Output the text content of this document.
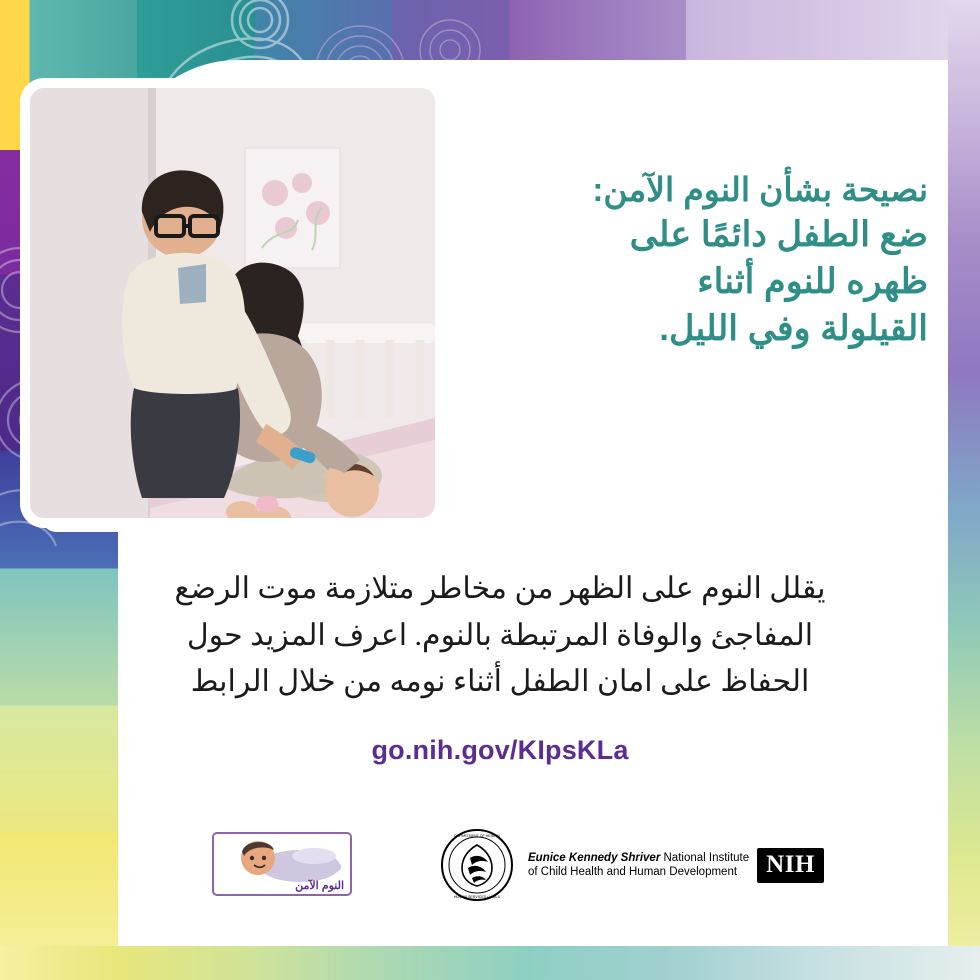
نصيحة بشأن النوم الآمن:
ضع الطفل دائمًا على
ظهره للنوم أثناء
القيلولة وفي الليل.
يقلل النوم على الظهر من مخاطر متلازمة موت الرضع المفاجئ والوفاة المرتبطة بالنوم. اعرف المزيد حول الحفاظ على امان الطفل أثناء نومه من خلال الرابط
go.nih.gov/KIpsKLa
النوم الآمن
DEPARTMENT OF HEALTH
& HUMAN SERVICES • USA
NIH
Eunice Kennedy Shriver National Institute
of Child Health and Human Development
